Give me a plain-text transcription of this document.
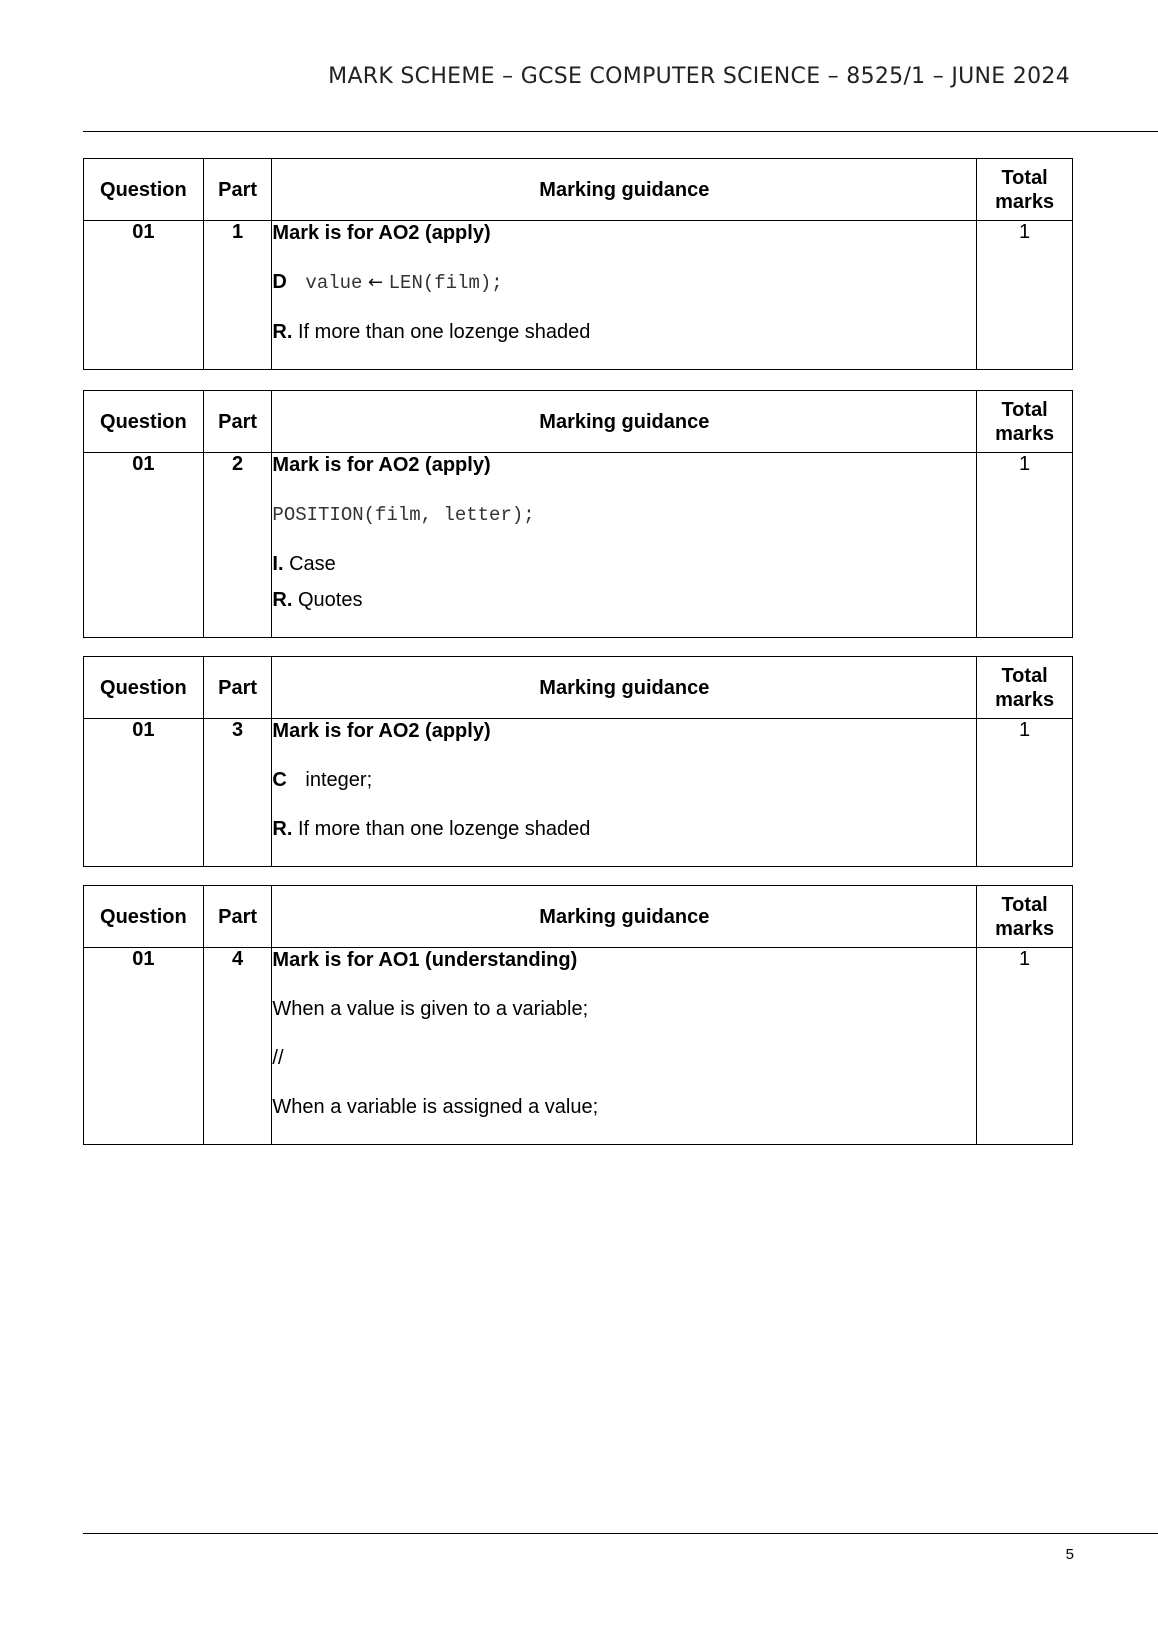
MARK SCHEME – GCSE COMPUTER SCIENCE – 8525/1 – JUNE 2024
Question	Part	Marking guidance	Total marks
01	1	Mark is for AO2 (apply)
D value ← LEN(film);
R. If more than one lozenge shaded	1
Question	Part	Marking guidance	Total marks
01	2	Mark is for AO2 (apply)
POSITION(film, letter);
I. Case
R. Quotes	1
Question	Part	Marking guidance	Total marks
01	3	Mark is for AO2 (apply)
C integer;
R. If more than one lozenge shaded	1
Question	Part	Marking guidance	Total marks
01	4	Mark is for AO1 (understanding)
When a value is given to a variable;
//
When a variable is assigned a value;	1
5
